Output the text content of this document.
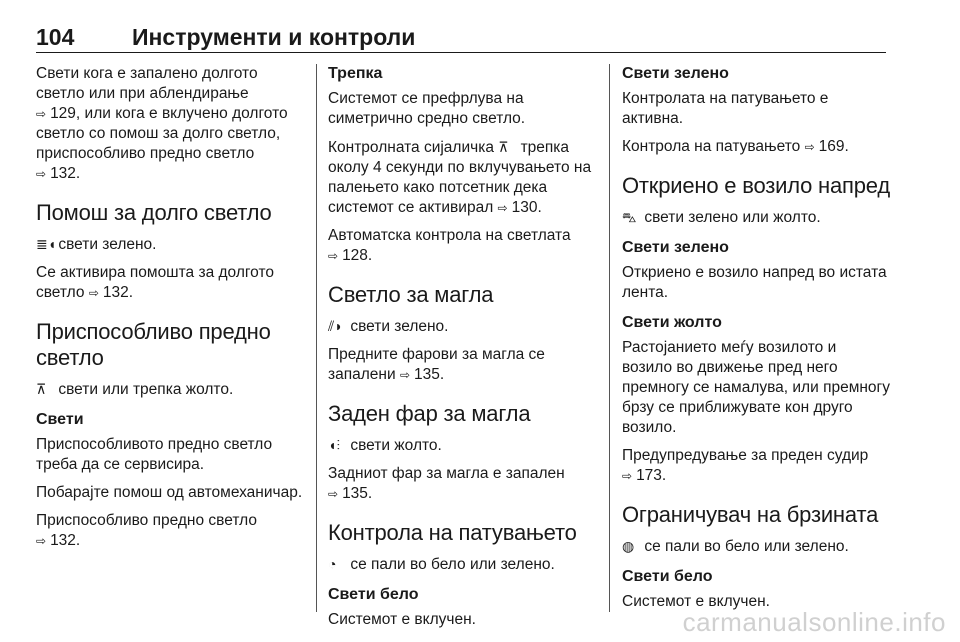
104	Инструменти и контроли

Свети кога е запалено долгото светло или при аблендирање
⇨ 129, или кога е вклучено долгото светло со помош за долго светло, приспособливо предно светло
⇨ 132.

Помош за долго светло

≣◖ свети зелено.

Се активира помошта за долгото светло ⇨ 132.

Приспособливо предно светло

⊼ свети или трепка жолто.

Свети

Приспособливото предно светло треба да се сервисира.

Побарајте помош од автомеханичар.

Приспособливо предно светло
⇨ 132.

Трепка

Системот се префрлува на симетрично средно светло.

Контролната сијаличка ⊼ трепка околу 4 секунди по вклучувањето на палењето како потсетник дека системот се активирал ⇨ 130.

Автоматска контрола на светлата
⇨ 128.

Светло за магла

⫽◗ свети зелено.

Предните фарови за магла се запалени ⇨ 135.

Заден фар за магла

◖⫶ свети жолто.

Задниот фар за магла е запален
⇨ 135.

Контрола на патувањето

◔ се пали во бело или зелено.

Свети бело

Системот е вклучен.

Свети зелено

Контролата на патувањето е активна.

Контрола на патувањето ⇨ 169.

Откриено е возило напред

⛍ свети зелено или жолто.

Свети зелено

Откриено е возило напред во истата лента.

Свети жолто

Растојанието меѓу возилото и возило во движење пред него премногу се намалува, или премногу брзу се приближувате кон друго возило.

Предупредување за преден судир
⇨ 173.

Ограничувач на брзината

◍ се пали во бело или зелено.

Свети бело

Системот е вклучен.

carmanualsonline.info
